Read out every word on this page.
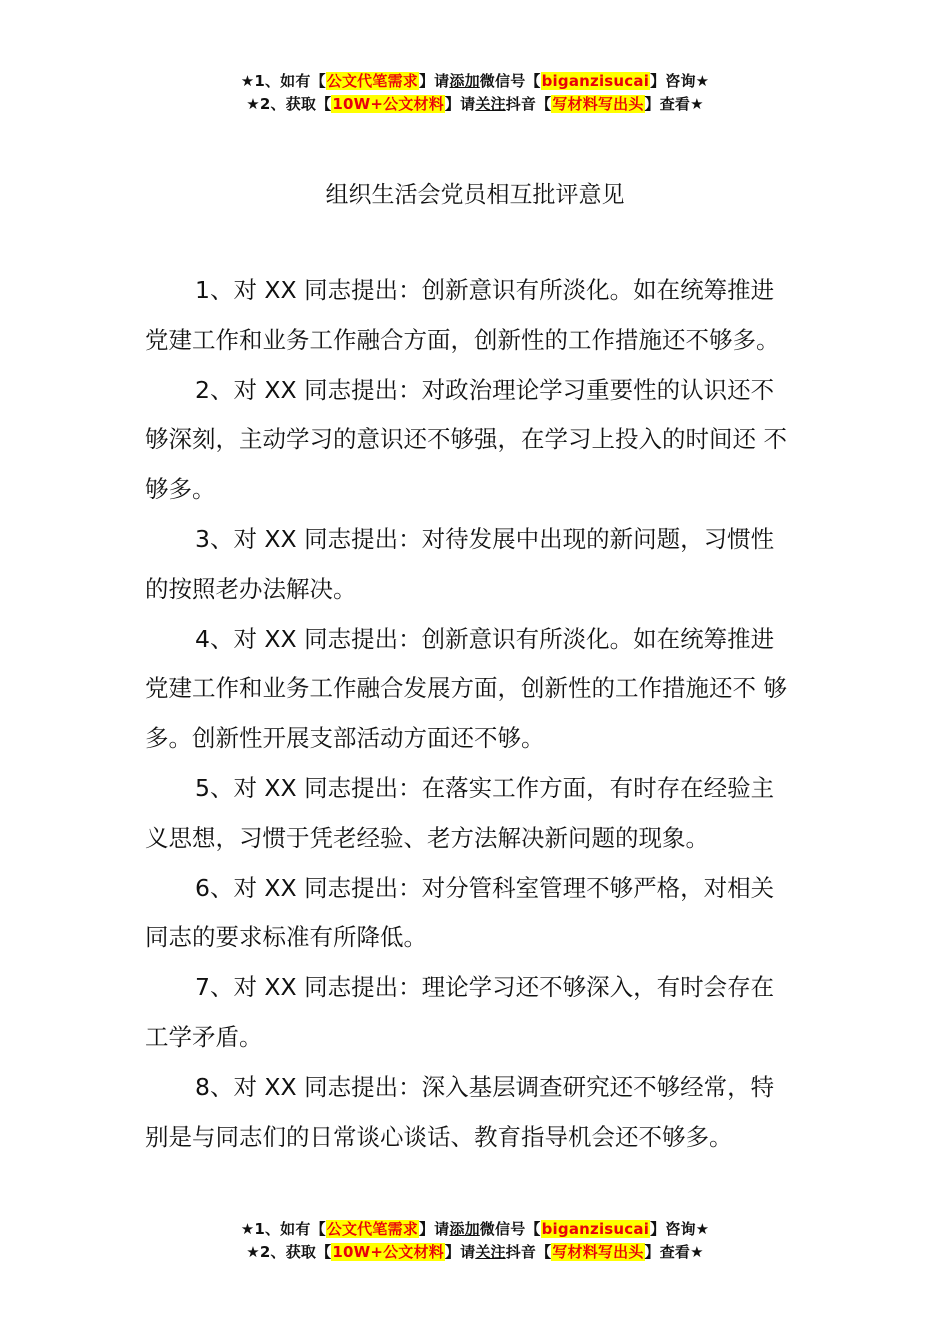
★1、如有【公文代笔需求】请添加微信号【biganzisucai】咨询★
★2、获取【10W+公文材料】请关注抖音【写材料写出头】查看★
组织生活会党员相互批评意见

1、对 XX 同志提出：创新意识有所淡化。如在统筹推进 党建工作和业务工作融合方面，创新性的工作措施还不够多。

2、对 XX 同志提出：对政治理论学习重要性的认识还不 够深刻，主动学习的意识还不够强，在学习上投入的时间还 不够多。

3、对 XX 同志提出：对待发展中出现的新问题，习惯性 的按照老办法解决。

4、对 XX 同志提出：创新意识有所淡化。如在统筹推进 党建工作和业务工作融合发展方面，创新性的工作措施还不 够多。创新性开展支部活动方面还不够。

5、对 XX 同志提出：在落实工作方面，有时存在经验主 义思想，习惯于凭老经验、老方法解决新问题的现象。

6、对 XX 同志提出：对分管科室管理不够严格，对相关 同志的要求标准有所降低。

7、对 XX 同志提出：理论学习还不够深入，有时会存在 工学矛盾。

8、对 XX 同志提出：深入基层调查研究还不够经常，特 别是与同志们的日常谈心谈话、教育指导机会还不够多。

★1、如有【公文代笔需求】请添加微信号【biganzisucai】咨询★
★2、获取【10W+公文材料】请关注抖音【写材料写出头】查看★
